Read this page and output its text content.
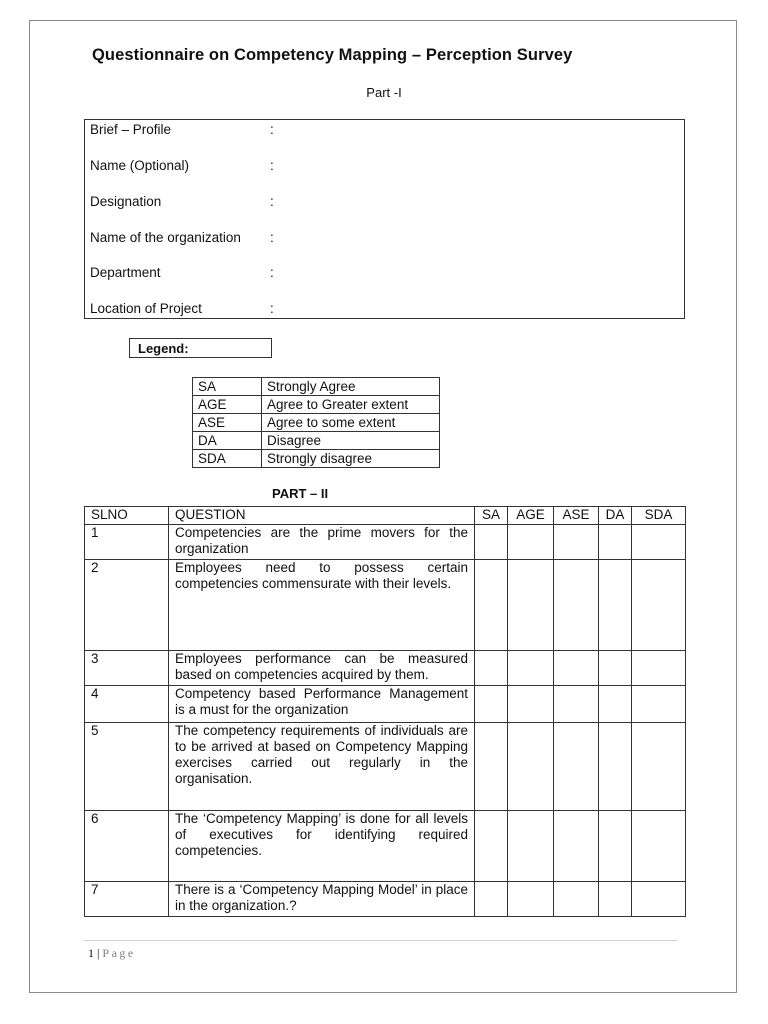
Questionnaire on Competency Mapping – Perception Survey
Part -I
Brief – Profile	:
Name (Optional)	:
Designation	:
Name of the organization :
Department	:
Location of Project	:
Legend:
SA	Strongly Agree
AGE	Agree to Greater extent
ASE	Agree to some extent
DA	Disagree
SDA	Strongly disagree
PART – II
SLNO	QUESTION	SA	AGE	ASE	DA	SDA
1	Competencies are the prime movers for the organization					
2	Employees need to possess certain competencies commensurate with their levels.					
3	Employees performance can be measured based on competencies acquired by them.					
4	Competency based Performance Management is a must for the organization					
5	The competency requirements of individuals are to be arrived at based on Competency Mapping exercises carried out regularly in the organisation.					
6	The ‘Competency Mapping’ is done for all levels of executives for identifying required competencies.					
7	There is a ‘Competency Mapping Model’ in place in the organization.?					
1 | Page
